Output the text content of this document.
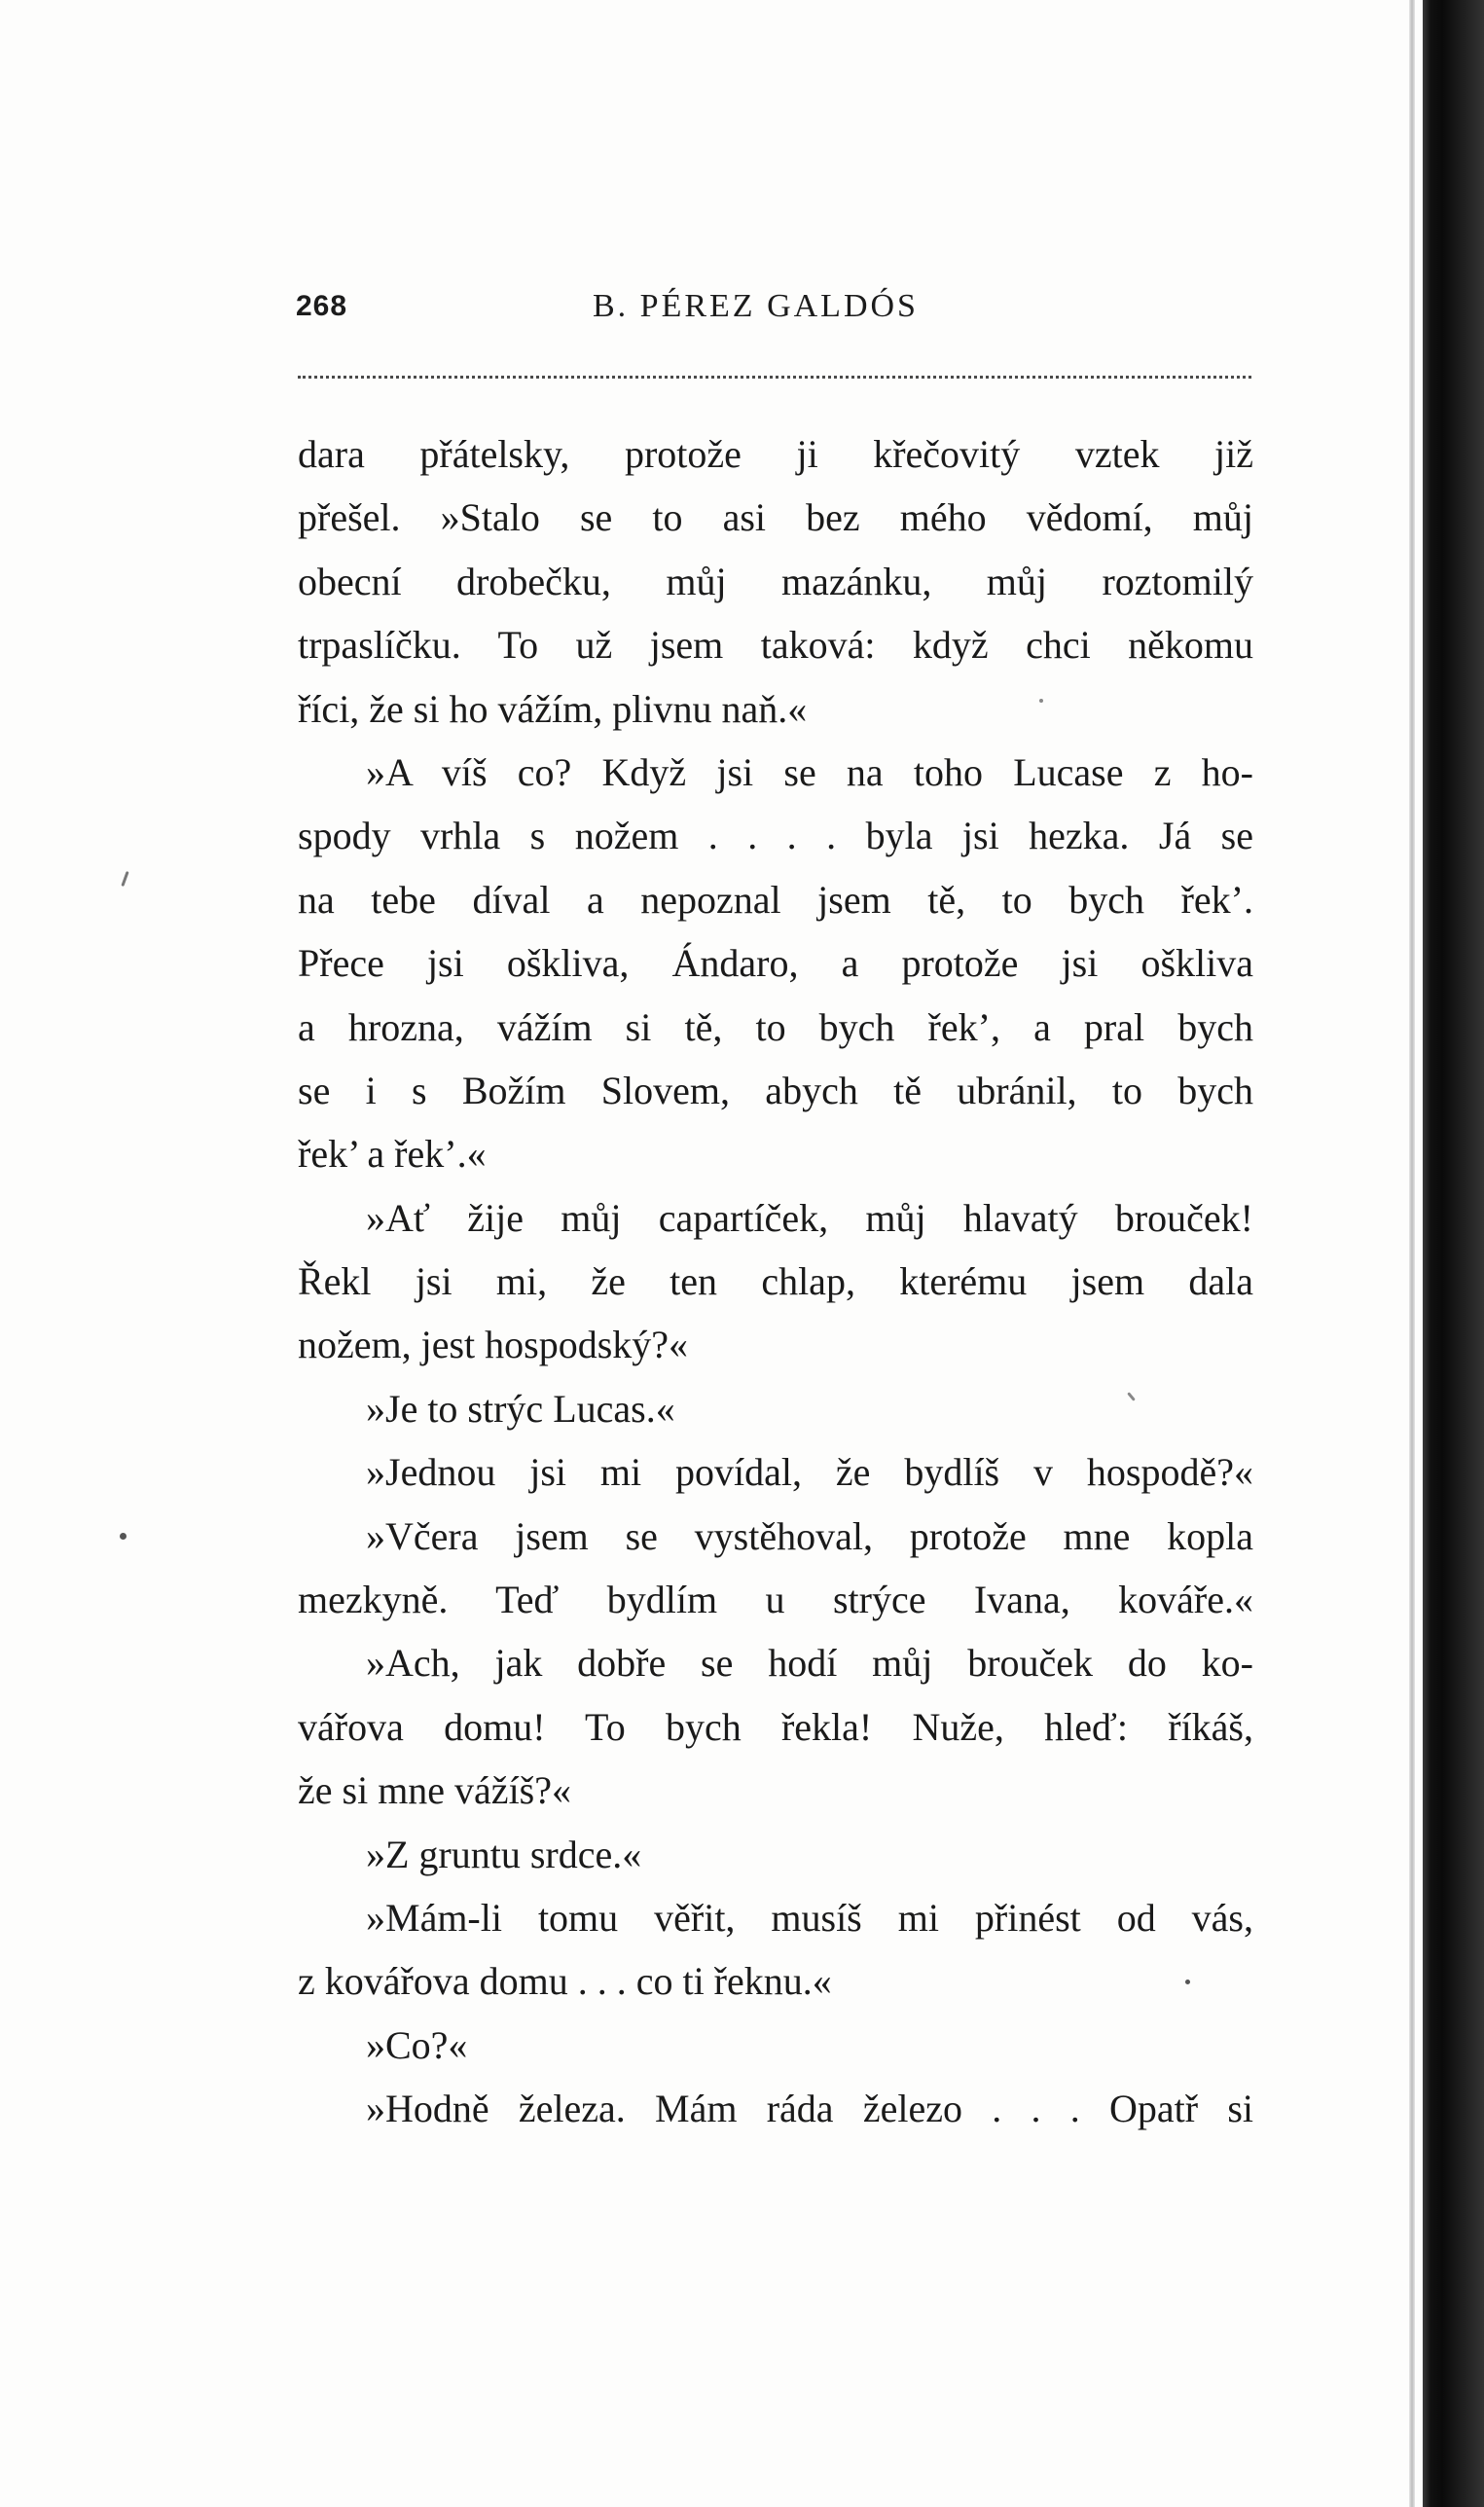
268	B. PÉREZ GALDÓS
dara přátelsky, protože ji křečovitý vztek již
přešel. »Stalo se to asi bez mého vědomí, můj
obecní drobečku, můj mazánku, můj roztomilý
trpaslíčku. To už jsem taková: když chci někomu
říci, že si ho vážím, plivnu naň.«
»A víš co? Když jsi se na toho Lucase z ho-
spody vrhla s nožem . . . . byla jsi hezka. Já se
na tebe díval a nepoznal jsem tě, to bych řek’.
Přece jsi ošklivа, Ándaro, a protože jsi ošklivа
a hrozna, vážím si tě, to bych řek’, a pral bych
se i s Božím Slovem, abych tě ubránil, to bych
řek’ a řek’.«
»Ať žije můj capartíček, můj hlavatý brouček!
Řekl jsi mi, že ten chlap, kterému jsem dala
nožem, jest hospodský?«
»Je to strýc Lucas.«
»Jednou jsi mi povídal, že bydlíš v hospodě?«
»Včera jsem se vystěhoval, protože mne kopla
mezkyně. Teď bydlím u strýce Ivana, kováře.«
»Ach, jak dobře se hodí můj brouček do ko-
vářova domu! To bych řekla! Nuže, hleď: říkáš,
že si mne vážíš?«
»Z gruntu srdce.«
»Mám-li tomu věřit, musíš mi přinést od vás,
z kovářova domu . . . co ti řeknu.«
»Co?«
»Hodně železa. Mám ráda železo . . . Opatř si
